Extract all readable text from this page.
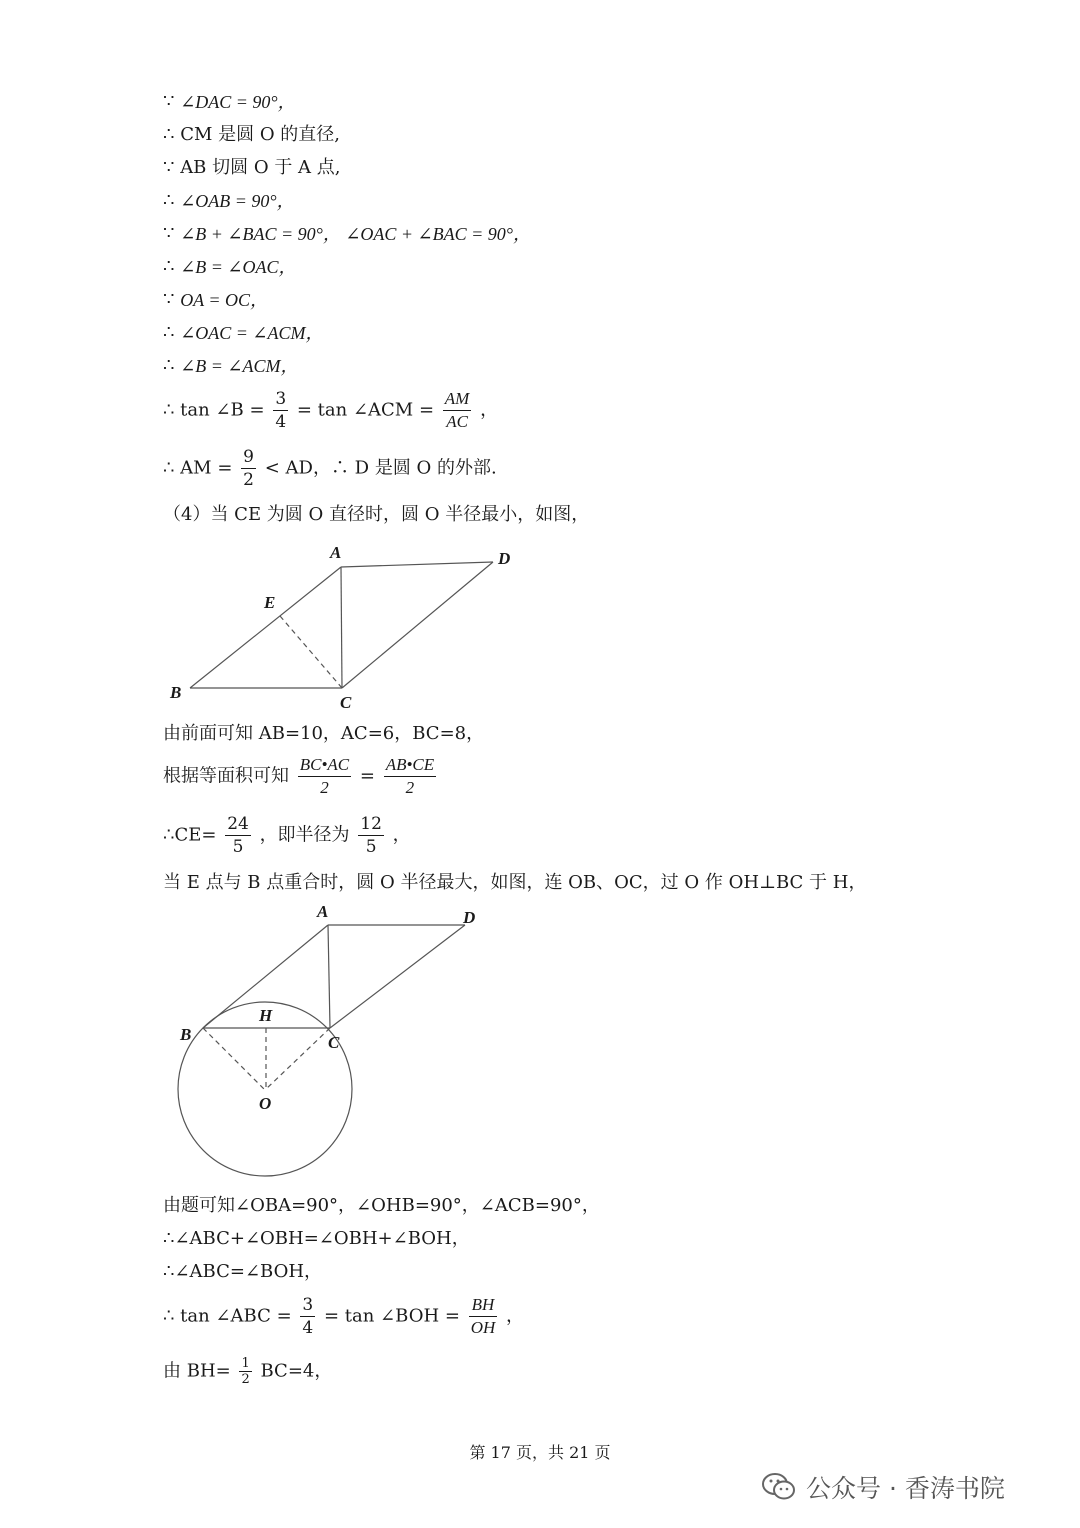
∵ ∠DAC = 90°，
∴ CM 是圆 O 的直径,
∵ AB 切圆 O 于 A 点,
∴ ∠OAB = 90°，
∵ ∠B + ∠BAC = 90°， ∠OAC + ∠BAC = 90°，
∴ ∠B = ∠OAC，
∵ OA = OC，
∴ ∠OAC = ∠ACM，
∴ ∠B = ∠ACM，
∴ tan ∠B = $\frac{3}{4} = \tan$ ∠ACM = $\frac{AM}{AC}$ ，
∴ AM = $\frac{9}{2}$ < AD，∴ D 是圆 O 的外部.
（4）当 CE 为圆 O 直径时，圆 O 半径最小，如图，
A	D
E
B
C
由前面可知 AB=10，AC=6，BC=8，
根据等面积可知 $\frac{BC•AC}{2} = \frac{AB•CE}{2}$
∴CE= $\frac{24}{5}$ ，即半径为 $\frac{12}{5}$ ，
当 E 点与 B 点重合时，圆 O 半径最大，如图，连 OB、OC，过 O 作 OH⊥BC 于 H，
A	D
B
H
C
O
由题可知∠OBA=90°，∠OHB=90°，∠ACB=90°，
∴∠ABC+∠OBH=∠OBH+∠BOH，
∴∠ABC=∠BOH，
∴ tan ∠ABC = $\frac{3}{4} = \tan$ ∠BOH = $\frac{BH}{OH}$ ，
由 $BH= \frac{1}{2} BC=4$，
第 17 页，共 21 页
公众号 · 香涛书院
